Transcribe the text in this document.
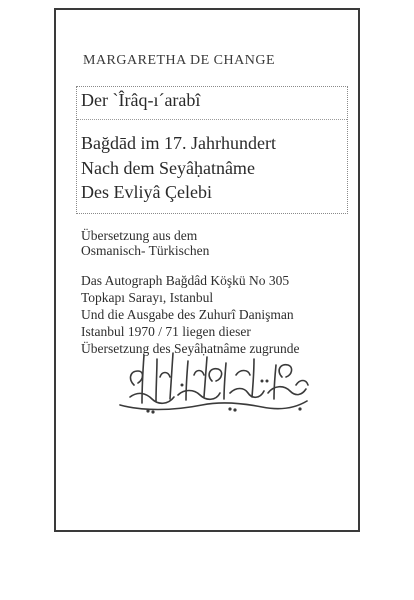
MARGARETHA DE CHANGE
Der `Îrâq-ı´arabî
Bağdād im 17. Jahrhundert
Nach dem Seyâḥatnâme
Des Evliyâ Çelebi
Übersetzung aus dem
Osmanisch- Türkischen
Das Autograph Bağdâd Köşkü No 305
Topkapı Sarayı, Istanbul
Und die Ausgabe des Zuhurî Danişman
Istanbul 1970 / 71 liegen dieser
Übersetzung des Seyâḥatnâme zugrunde
